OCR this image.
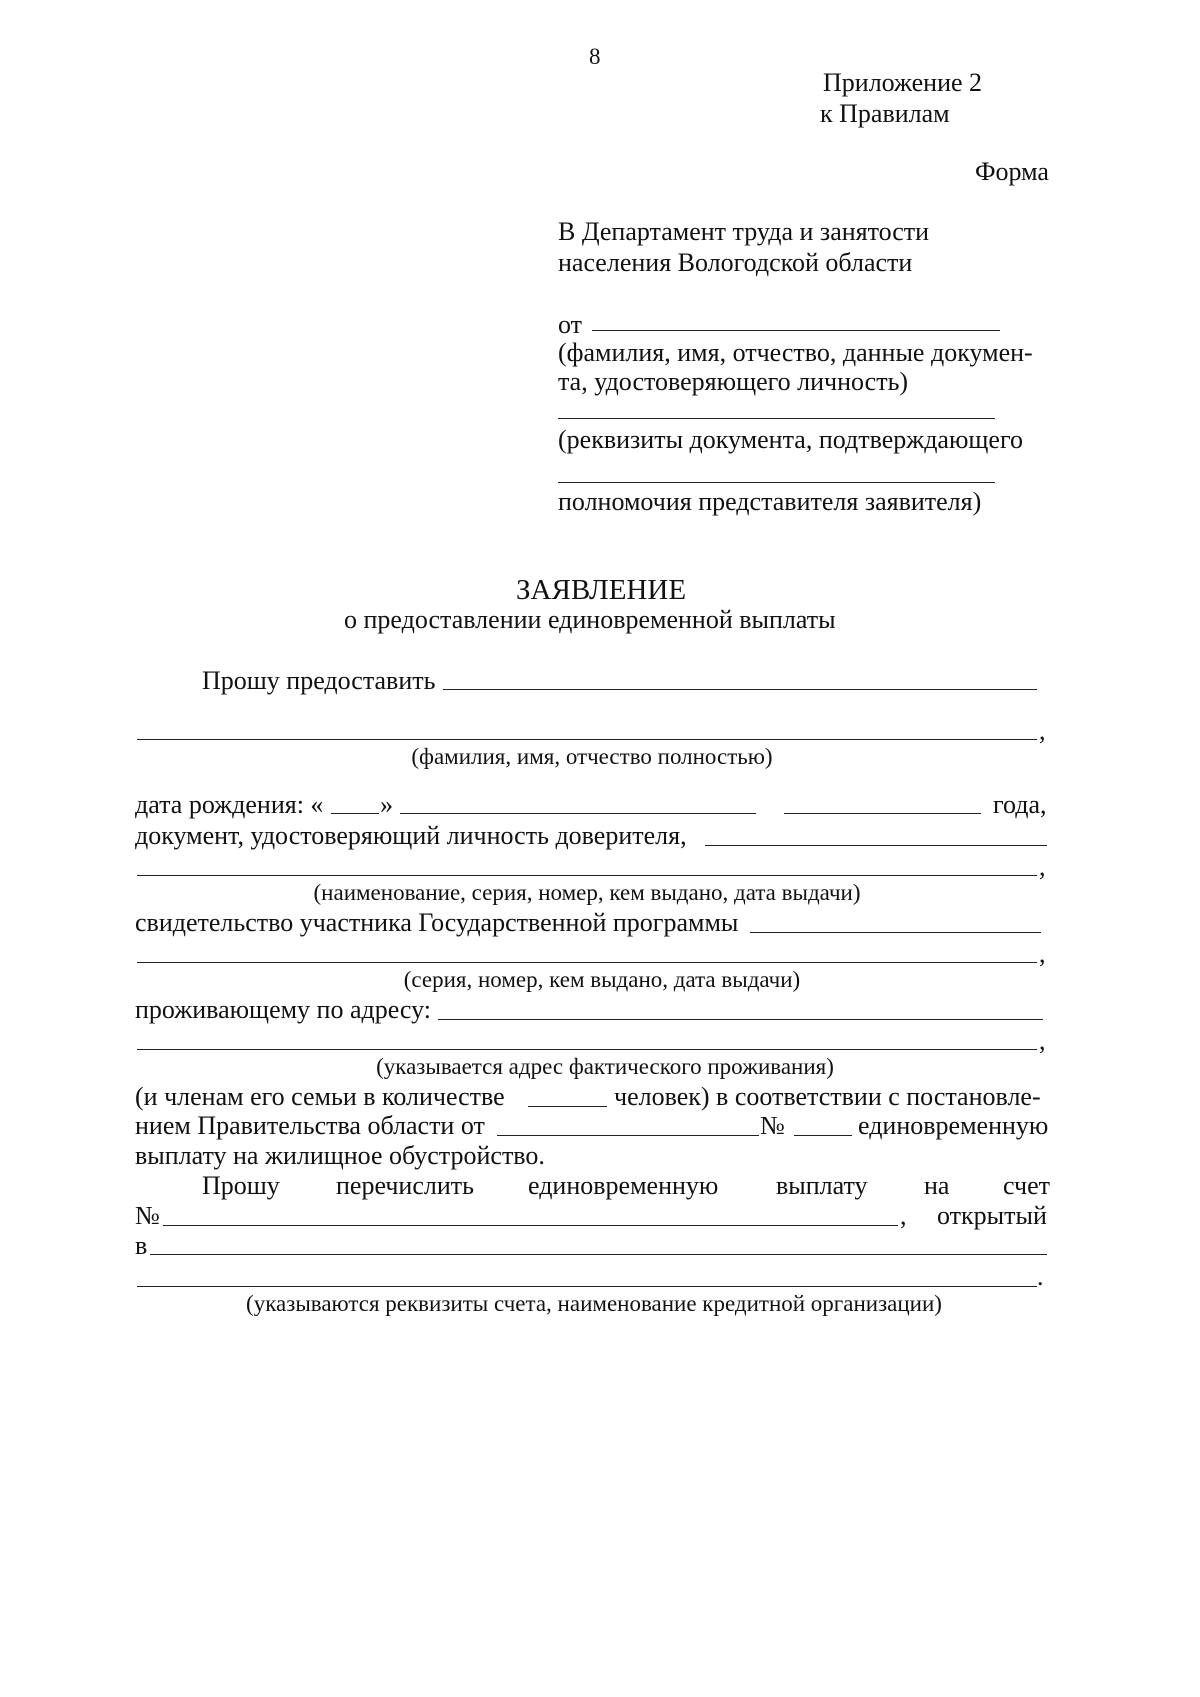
8
Приложение 2
к Правилам
Форма
В Департамент труда и занятости
населения Вологодской области
от
(фамилия, имя, отчество, данные докумен-
та, удостоверяющего личность)
(реквизиты документа, подтверждающего
полномочия представителя заявителя)
ЗАЯВЛЕНИЕ
о предоставлении единовременной выплаты
Прошу предоставить
,
(фамилия, имя, отчество полностью)
дата рождения: « »	года,
документ, удостоверяющий личность доверителя,
,
(наименование, серия, номер, кем выдано, дата выдачи)
свидетельство участника Государственной программы
,
(серия, номер, кем выдано, дата выдачи)
проживающему по адресу:
,
(указывается адрес фактического проживания)
(и членам его семьи в количестве	человек) в соответствии с постановле-
нием Правительства области от	№	единовременную
выплату на жилищное обустройство.
Прошу перечислить единовременную выплату на счет
№	, открытый
в
.
(указываются реквизиты счета, наименование кредитной организации)
